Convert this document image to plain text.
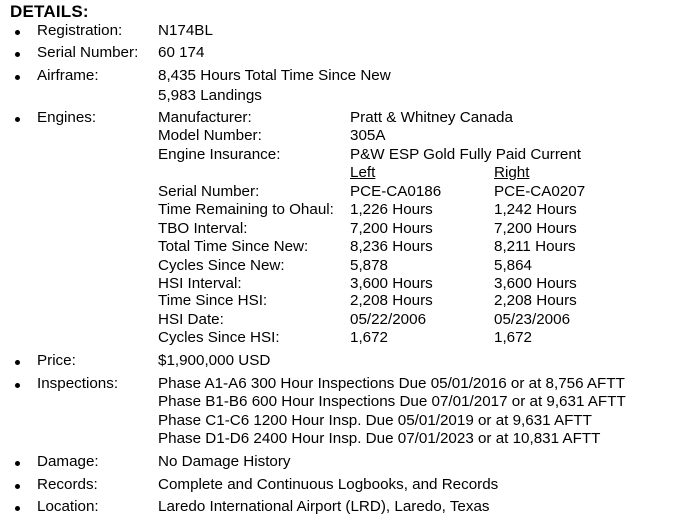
DETAILS:
Registration: N174BL
Serial Number: 60 174
Airframe:	8,435 Hours Total Time Since New
5,983 Landings
Engines:	Manufacturer:	Pratt & Whitney Canada
Model Number:	305A
Engine Insurance:	P&W ESP Gold Fully Paid Current
Left	Right
Serial Number:	PCE-CA0186	PCE-CA0207
Time Remaining to Ohaul: 1,226 Hours	1,242 Hours
TBO Interval:	7,200 Hours	7,200 Hours
Total Time Since New:	8,236 Hours	8,211 Hours
Cycles Since New:	5,878	5,864
HSI Interval:	3,600 Hours	3,600 Hours
Time Since HSI:	2,208 Hours	2,208 Hours
HSI Date:	05/22/2006	05/23/2006
Cycles Since HSI:	1,672	1,672
Price:	$1,900,000 USD
Inspections:	Phase A1-A6 300 Hour Inspections Due 05/01/2016 or at 8,756 AFTT
Phase B1-B6 600 Hour Inspections Due 07/01/2017 or at 9,631 AFTT
Phase C1-C6 1200 Hour Insp. Due 05/01/2019 or at 9,631 AFTT
Phase D1-D6 2400 Hour Insp. Due 07/01/2023 or at 10,831 AFTT
Damage:	No Damage History
Records:	Complete and Continuous Logbooks, and Records
Location:	Laredo International Airport (LRD), Laredo, Texas
